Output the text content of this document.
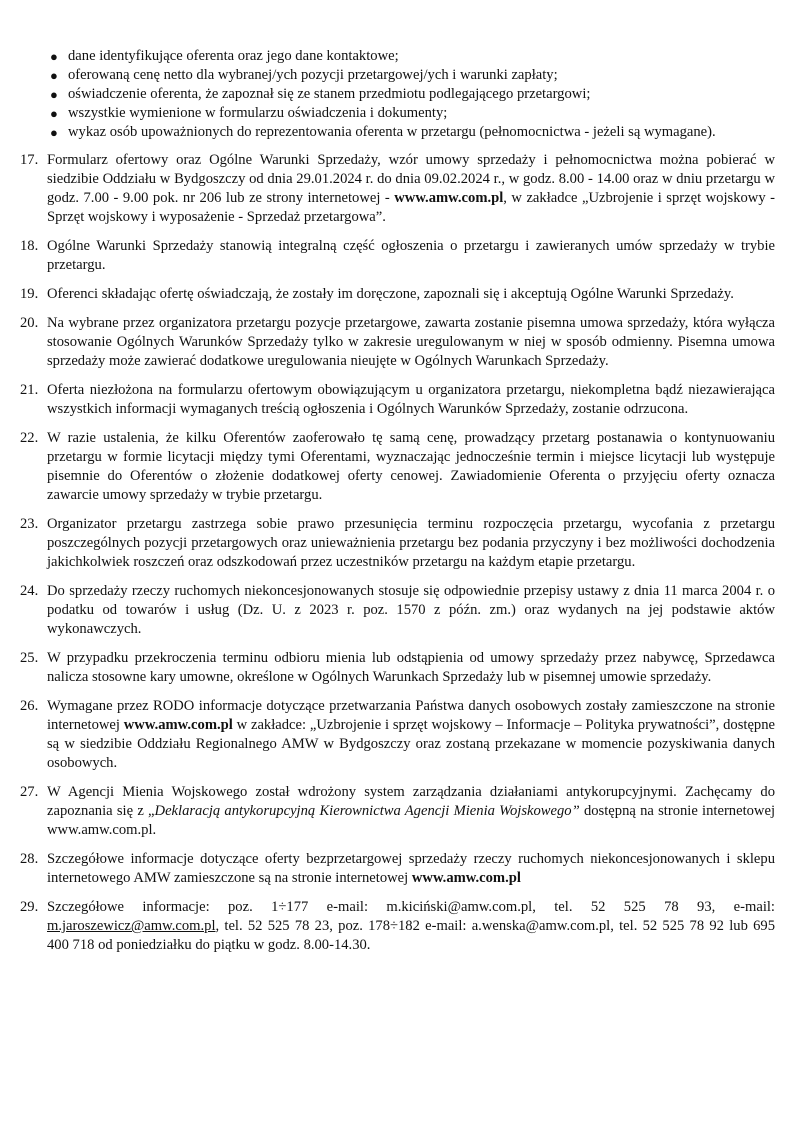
● dane identyfikujące oferenta oraz jego dane kontaktowe;
● oferowaną cenę netto dla wybranej/ych pozycji przetargowej/ych i warunki zapłaty;
● oświadczenie oferenta, że zapoznał się ze stanem przedmiotu podlegającego przetargowi;
● wszystkie wymienione w formularzu oświadczenia i dokumenty;
● wykaz osób upoważnionych do reprezentowania oferenta w przetargu (pełnomocnictwa - jeżeli są wymagane).

17. Formularz ofertowy oraz Ogólne Warunki Sprzedaży, wzór umowy sprzedaży i pełnomocnictwa można pobierać w siedzibie Oddziału w Bydgoszczy od dnia 29.01.2024 r. do dnia 09.02.2024 r., w godz. 8.00 - 14.00 oraz w dniu przetargu w godz. 7.00 - 9.00 pok. nr 206 lub ze strony internetowej - www.amw.com.pl, w zakładce „Uzbrojenie i sprzęt wojskowy - Sprzęt wojskowy i wyposażenie - Sprzedaż przetargowa”.

18. Ogólne Warunki Sprzedaży stanowią integralną część ogłoszenia o przetargu i zawieranych umów sprzedaży w trybie przetargu.

19. Oferenci składając ofertę oświadczają, że zostały im doręczone, zapoznali się i akceptują Ogólne Warunki Sprzedaży.

20. Na wybrane przez organizatora przetargu pozycje przetargowe, zawarta zostanie pisemna umowa sprzedaży, która wyłącza stosowanie Ogólnych Warunków Sprzedaży tylko w zakresie uregulowanym w niej w sposób odmienny. Pisemna umowa sprzedaży może zawierać dodatkowe uregulowania nieujęte w Ogólnych Warunkach Sprzedaży.

21. Oferta niezłożona na formularzu ofertowym obowiązującym u organizatora przetargu, niekompletna bądź niezawierająca wszystkich informacji wymaganych treścią ogłoszenia i Ogólnych Warunków Sprzedaży, zostanie odrzucona.

22. W razie ustalenia, że kilku Oferentów zaoferowało tę samą cenę, prowadzący przetarg postanawia o kontynuowaniu przetargu w formie licytacji między tymi Oferentami, wyznaczając jednocześnie termin i miejsce licytacji lub występuje pisemnie do Oferentów o złożenie dodatkowej oferty cenowej. Zawiadomienie Oferenta o przyjęciu oferty oznacza zawarcie umowy sprzedaży w trybie przetargu.

23. Organizator przetargu zastrzega sobie prawo przesunięcia terminu rozpoczęcia przetargu, wycofania z przetargu poszczególnych pozycji przetargowych oraz unieważnienia przetargu bez podania przyczyny i bez możliwości dochodzenia jakichkolwiek roszczeń oraz odszkodowań przez uczestników przetargu na każdym etapie przetargu.

24. Do sprzedaży rzeczy ruchomych niekoncesjonowanych stosuje się odpowiednie przepisy ustawy z dnia 11 marca 2004 r. o podatku od towarów i usług (Dz. U. z 2023 r. poz. 1570 z późn. zm.) oraz wydanych na jej podstawie aktów wykonawczych.

25. W przypadku przekroczenia terminu odbioru mienia lub odstąpienia od umowy sprzedaży przez nabywcę, Sprzedawca nalicza stosowne kary umowne, określone w Ogólnych Warunkach Sprzedaży lub w pisemnej umowie sprzedaży.

26. Wymagane przez RODO informacje dotyczące przetwarzania Państwa danych osobowych zostały zamieszczone na stronie internetowej www.amw.com.pl w zakładce: „Uzbrojenie i sprzęt wojskowy – Informacje – Polityka prywatności”, dostępne są w siedzibie Oddziału Regionalnego AMW w Bydgoszczy oraz zostaną przekazane w momencie pozyskiwania danych osobowych.

27. W Agencji Mienia Wojskowego został wdrożony system zarządzania działaniami antykorupcyjnymi. Zachęcamy do zapoznania się z „Deklaracją antykorupcyjną Kierownictwa Agencji Mienia Wojskowego” dostępną na stronie internetowej www.amw.com.pl.

28. Szczegółowe informacje dotyczące oferty bezprzetargowej sprzedaży rzeczy ruchomych niekoncesjonowanych i sklepu internetowego AMW zamieszczone są na stronie internetowej www.amw.com.pl

29. Szczegółowe informacje: poz. 1÷177 e-mail: m.kiciński@amw.com.pl, tel. 52 525 78 93, e-mail: m.jaroszewicz@amw.com.pl, tel. 52 525 78 23, poz. 178÷182 e-mail: a.wenska@amw.com.pl, tel. 52 525 78 92 lub 695 400 718 od poniedziałku do piątku w godz. 8.00-14.30.
